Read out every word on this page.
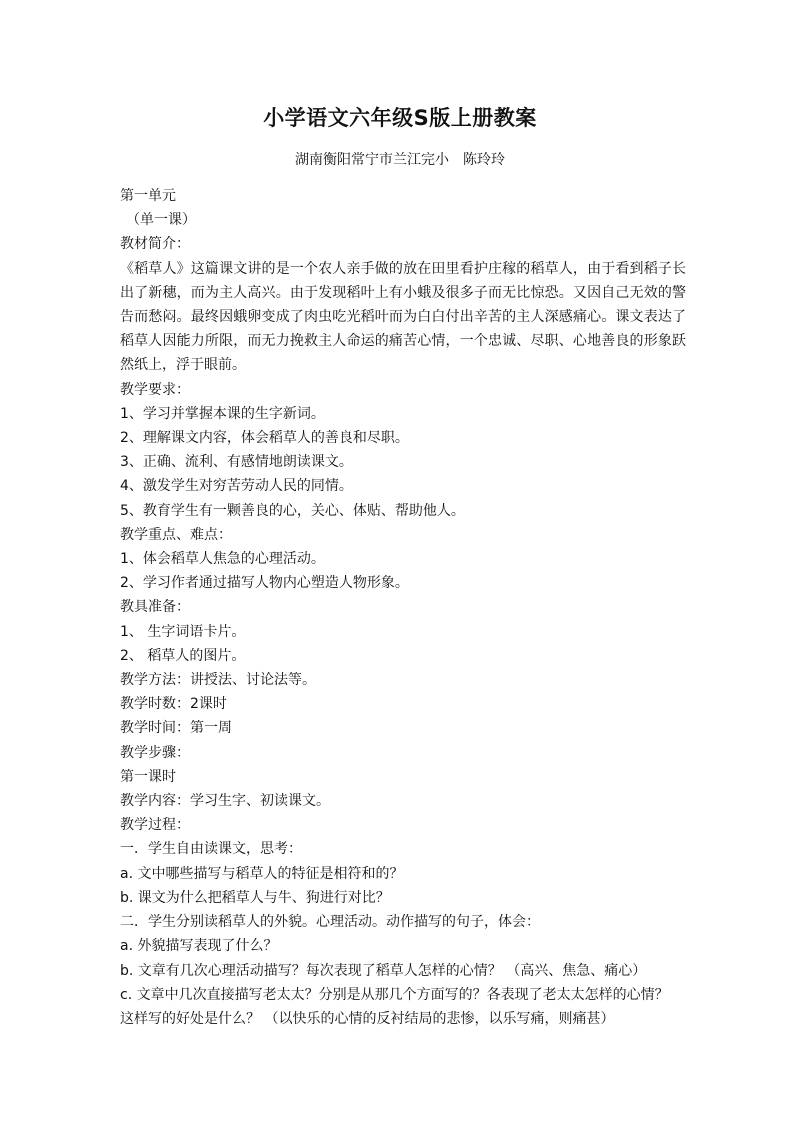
小学语文六年级S版上册教案
湖南衡阳常宁市兰江完小　陈玲玲
第一单元
（单一课）
教材简介：
《稻草人》这篇课文讲的是一个农人亲手做的放在田里看护庄稼的稻草人，由于看到稻子长出了新穗，而为主人高兴。由于发现稻叶上有小蛾及很多子而无比惊恐。又因自己无效的警告而愁闷。最终因蛾卵变成了肉虫吃光稻叶而为白白付出辛苦的主人深感痛心。课文表达了稻草人因能力所限，而无力挽救主人命运的痛苦心情，一个忠诚、尽职、心地善良的形象跃然纸上，浮于眼前。
教学要求：
1、学习并掌握本课的生字新词。
2、理解课文内容，体会稻草人的善良和尽职。
3、正确、流利、有感情地朗读课文。
4、激发学生对穷苦劳动人民的同情。
5、教育学生有一颗善良的心，关心、体贴、帮助他人。
教学重点、难点：
1、体会稻草人焦急的心理活动。
2、学习作者通过描写人物内心塑造人物形象。
教具准备：
1、 生字词语卡片。
2、 稻草人的图片。
教学方法：讲授法、讨论法等。
教学时数：2课时
教学时间：第一周
教学步骤：
第一课时
教学内容：学习生字、初读课文。
教学过程：
一．学生自由读课文，思考：
a. 文中哪些描写与稻草人的特征是相符和的？
b. 课文为什么把稻草人与牛、狗进行对比？
二．学生分别读稻草人的外貌。心理活动。动作描写的句子，体会：
a. 外貌描写表现了什么？
b. 文章有几次心理活动描写？每次表现了稻草人怎样的心情？ （高兴、焦急、痛心）
c. 文章中几次直接描写老太太？分别是从那几个方面写的？各表现了老太太怎样的心情？
这样写的好处是什么？ （以快乐的心情的反衬结局的悲惨，以乐写痛，则痛甚）
